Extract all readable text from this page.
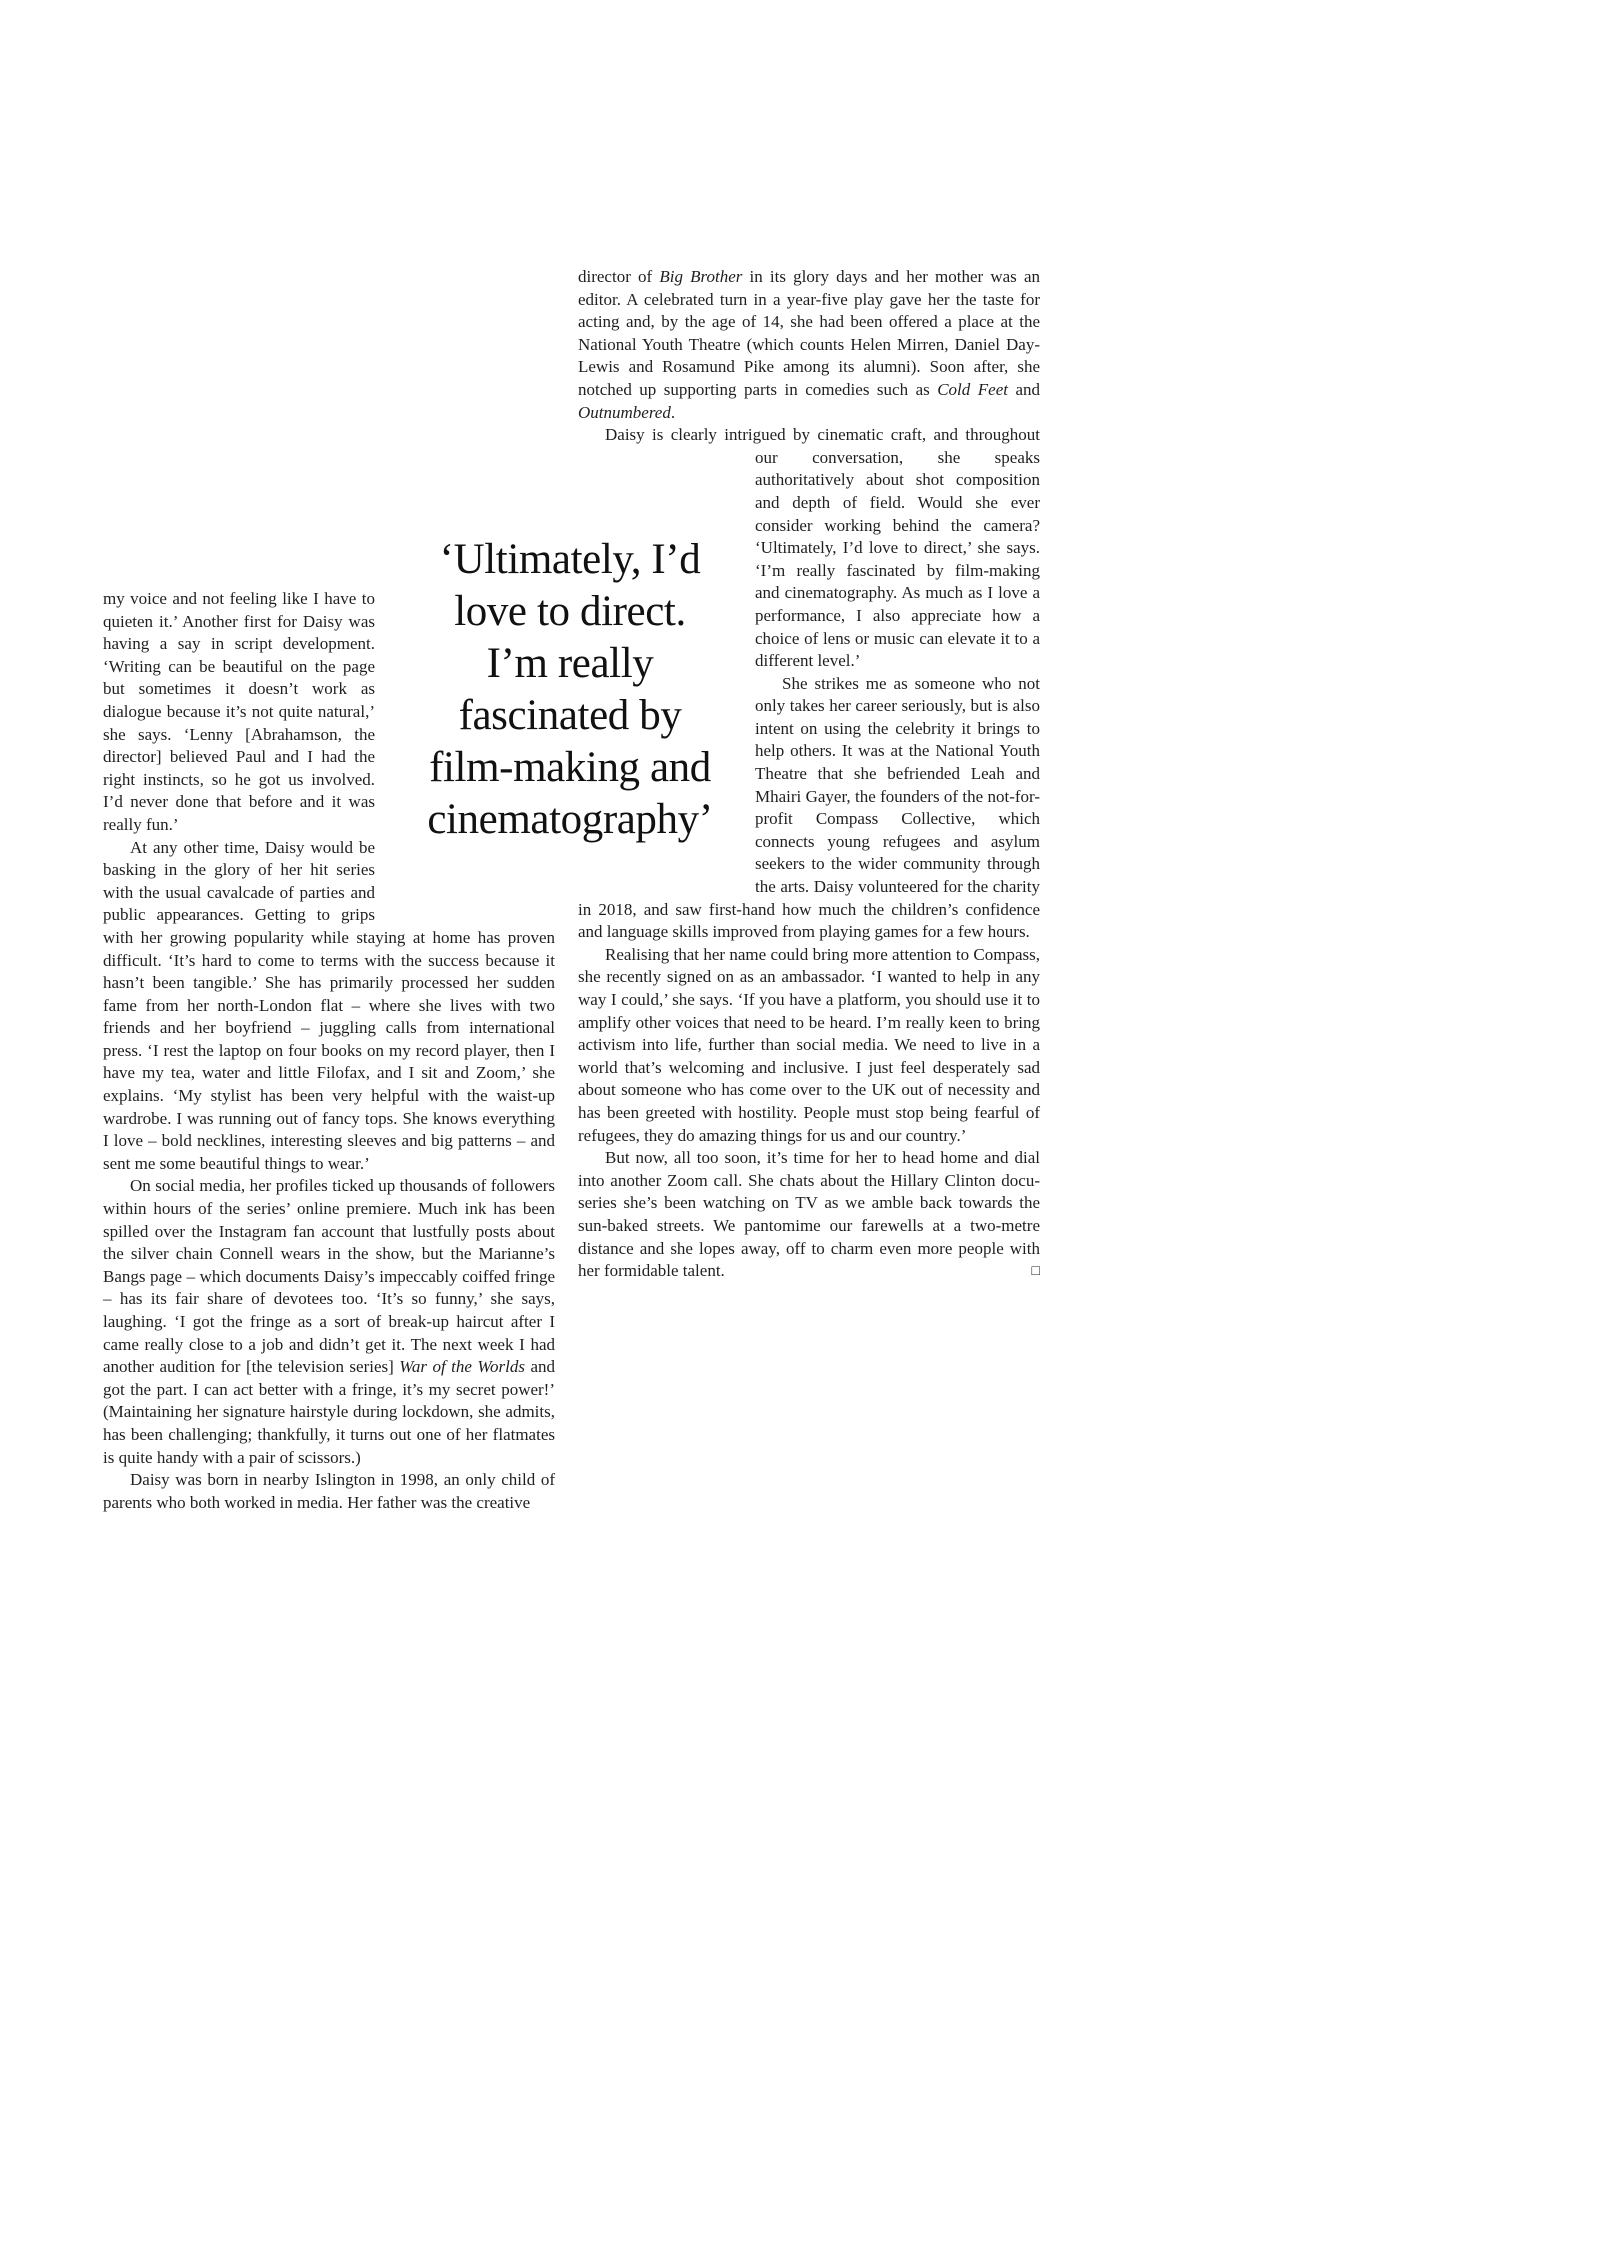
‘Ultimately, I’d
love to direct.
I’m really
fascinated by
film-making and
cinematography’

my voice and not feeling like I have to quieten it.’ Another first for Daisy was having a say in script development. ‘Writing can be beautiful on the page but sometimes it doesn’t work as dialogue because it’s not quite natural,’ she says. ‘Lenny [Abrahamson, the director] believed Paul and I had the right instincts, so he got us involved. I’d never done that before and it was really fun.’

At any other time, Daisy would be basking in the glory of her hit series with the usual cavalcade of parties and public appearances. Getting to grips with her growing popularity while staying at home has proven difficult. ‘It’s hard to come to terms with the success because it hasn’t been tangible.’ She has primarily processed her sudden fame from her north-London flat – where she lives with two friends and her boyfriend – juggling calls from international press. ‘I rest the laptop on four books on my record player, then I have my tea, water and little Filofax, and I sit and Zoom,’ she explains. ‘My stylist has been very helpful with the waist-up wardrobe. I was running out of fancy tops. She knows everything I love – bold necklines, interesting sleeves and big patterns – and sent me some beautiful things to wear.’

On social media, her profiles ticked up thousands of followers within hours of the series’ online premiere. Much ink has been spilled over the Instagram fan account that lustfully posts about the silver chain Connell wears in the show, but the Marianne’s Bangs page – which documents Daisy’s impeccably coiffed fringe – has its fair share of devotees too. ‘It’s so funny,’ she says, laughing. ‘I got the fringe as a sort of break-up haircut after I came really close to a job and didn’t get it. The next week I had another audition for [the television series] War of the Worlds and got the part. I can act better with a fringe, it’s my secret power!’ (Maintaining her signature hairstyle during lockdown, she admits, has been challenging; thankfully, it turns out one of her flatmates is quite handy with a pair of scissors.)

Daisy was born in nearby Islington in 1998, an only child of parents who both worked in media. Her father was the creative

director of Big Brother in its glory days and her mother was an editor. A celebrated turn in a year-five play gave her the taste for acting and, by the age of 14, she had been offered a place at the National Youth Theatre (which counts Helen Mirren, Daniel Day-Lewis and Rosamund Pike among its alumni). Soon after, she notched up supporting parts in comedies such as Cold Feet and Outnumbered.

Daisy is clearly intrigued by cinematic craft, and throughout our conversation, she speaks authoritatively about shot composition and depth of field. Would she ever consider working behind the camera? ‘Ultimately, I’d love to direct,’ she says. ‘I’m really fascinated by film-making and cinematography. As much as I love a performance, I also appreciate how a choice of lens or music can elevate it to a different level.’

She strikes me as someone who not only takes her career seriously, but is also intent on using the celebrity it brings to help others. It was at the National Youth Theatre that she befriended Leah and Mhairi Gayer, the founders of the not-for-profit Compass Collective, which connects young refugees and asylum seekers to the wider community through the arts. Daisy volunteered for the charity in 2018, and saw first-hand how much the children’s confidence and language skills improved from playing games for a few hours.

Realising that her name could bring more attention to Compass, she recently signed on as an ambassador. ‘I wanted to help in any way I could,’ she says. ‘If you have a platform, you should use it to amplify other voices that need to be heard. I’m really keen to bring activism into life, further than social media. We need to live in a world that’s welcoming and inclusive. I just feel desperately sad about someone who has come over to the UK out of necessity and has been greeted with hostility. People must stop being fearful of refugees, they do amazing things for us and our country.’

But now, all too soon, it’s time for her to head home and dial into another Zoom call. She chats about the Hillary Clinton docu-series she’s been watching on TV as we amble back towards the sun-baked streets. We pantomime our farewells at a two-metre distance and she lopes away, off to charm even more people with her formidable talent.	□
